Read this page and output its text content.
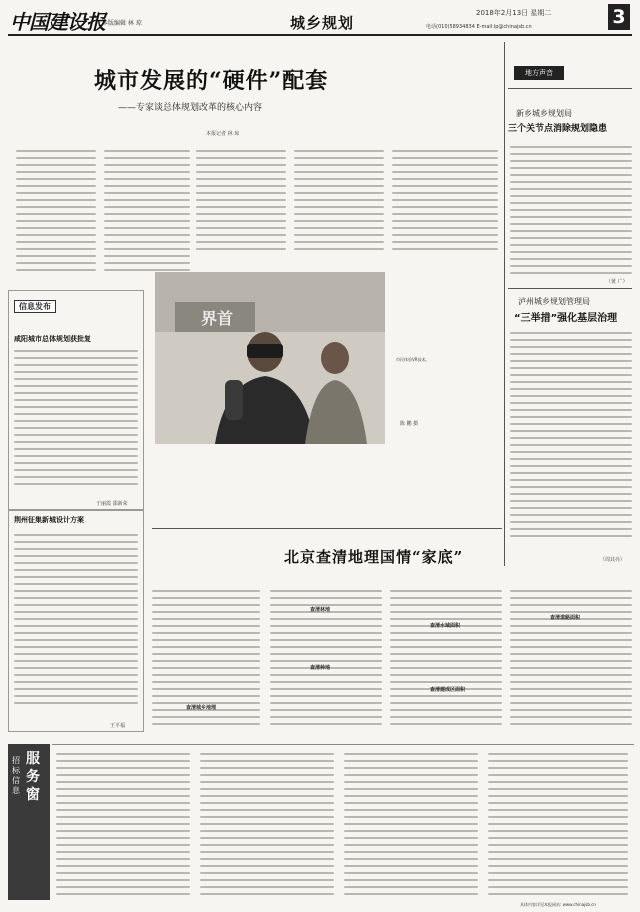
中国建设报
本版编辑 林 琼	城乡规划
2018年2月13日 星期二
电话(010)58934834 E-mail:lp@chinajsb.cn	3
城市发展的“硬件”配套
——专家谈总体规划改革的核心内容
本报记者 林 琼
地方声音
新乡城乡规划局
三个关节点消除规划隐患
（黄 广）
泸州城乡规划管理局
“三举措”强化基层治理
（周其亮）
信息发布
咸阳城市总体规划获批复
于丽霞 邵新荣
荆州征集新城设计方案
王平福
界首
市民体验VR技术。
陈 鹏 摄
北京查清地理国情“家底”
查清城乡地理
查清林地
查清种地
查清水域面积
查清建成区面积
查清道路面积
招标信息
服务窗
具体内容详见本报网站: www.chinajsb.cn
